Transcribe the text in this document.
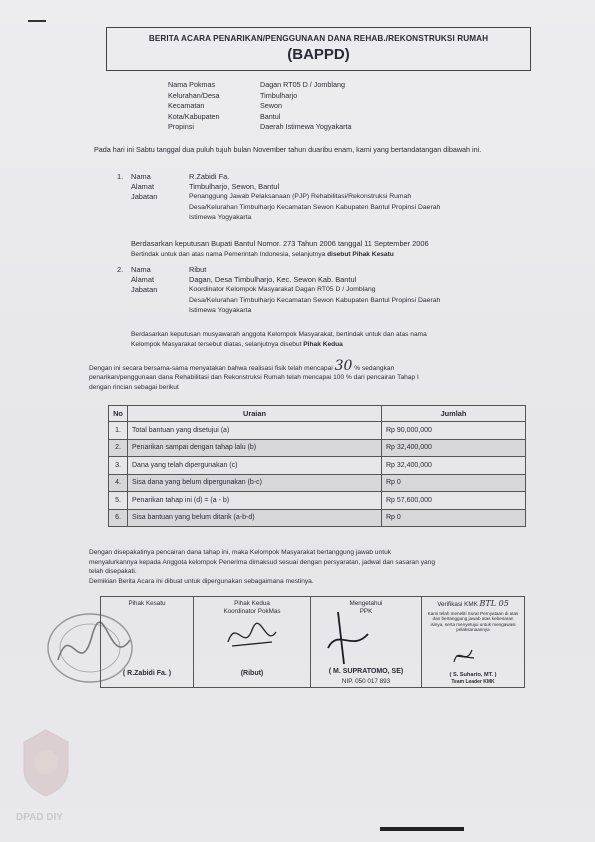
BERITA ACARA PENARIKAN/PENGGUNAAN DANA REHAB./REKONSTRUKSI RUMAH
(BAPPD)
Nama Pokmas	Dagan RT05 D / Jomblang
Kelurahan/Desa	Timbulharjo
Kecamatan	Sewon
Kota/Kabupaten	Bantul
Propinsi	Daerah Istimewa Yogyakarta
Pada hari ini Sabtu tanggal dua puluh tujuh bulan November tahun duaribu enam, kami yang bertandatangan dibawah ini.
1.	Nama	R.Zabidi Fa.
Alamat	Timbulharjo, Sewon, Bantul
Jabatan	Penanggung Jawab Pelaksanaan (PJP) Rehabilitasi/Rekonstruksi Rumah
Desa/Kelurahan Timbulharjo Kecamatan Sewon Kabupaten Bantul Propinsi Daerah
Istimewa Yogyakarta
Berdasarkan keputusan Bupati Bantul Nomor. 273 Tahun 2006 tanggal 11 September 2006
Bertindak untuk dan atas nama Pemerintah Indonesia, selanjutnya disebut Pihak Kesatu
2.	Nama	Ribut
Alamat	Dagan, Desa Timbulharjo, Kec. Sewon Kab. Bantul
Jabatan	Koordinator Kelompok Masyarakat Dagan RT05 D / Jomblang
Desa/Kelurahan Timbulharjo Kecamatan Sewon Kabupaten Bantul Propinsi Daerah
Istimewa Yogyakarta
Berdasarkan keputusan musyawarah anggota Kelompok Masyarakat, bertindak untuk dan atas nama
Kelompok Masyarakat tersebut diatas, selanjutnya disebut Pihak Kedua
Dengan ini secara bersama-sama menyatakan bahwa realisasi fisik telah mencapai 30 % sedangkan
penarikan/penggunaan dana Rehabilitasi dan Rekonstruksi Rumah telah mencapai 100 % dari pencairan Tahap I
dengan rincian sebagai berikut
No	Uraian	Jumlah
1.	Total bantuan yang disetujui (a)	Rp 90,000,000
2.	Penarikan sampai dengan tahap lalu (b)	Rp 32,400,000
3.	Dana yang telah dipergunakan (c)	Rp 32,400,000
4.	Sisa dana yang belum dipergunakan (b-c)	Rp 0
5.	Penarikan tahap ini (d) = (a - b)	Rp 57,600,000
6.	Sisa bantuan yang belum ditarik (a-b-d)	Rp 0
Dengan disepakatinya pencairan dana tahap ini, maka Kelompok Masyarakat bertanggung jawab untuk
menyalurkannya kepada Anggota kelompok Penerima dimaksud sesuai dengan persyaratan, jadwal dan sasaran yang
telah disepakati.
Demikian Berita Acara ini dibuat untuk dipergunakan sebagaimana mestinya.
Pihak Kesatu
( R.Zabidi Fa. )
Pihak Kedua
Koordinator PokMas
(Ribut)
Mengetahui
PPK
( M. SUPRATOMO, SE)
NIP. 050 017 893
Verifikasi KMK BTL 05
Kami telah meneliti Surat Pernyataan di atas
dan bertanggung jawab atas kebenaran
isinya, serta menyetujui untuk mengawasi
pelaksanaannya
( S. Suharto, MT. )
Team Leader KMK
DPAD DIY
